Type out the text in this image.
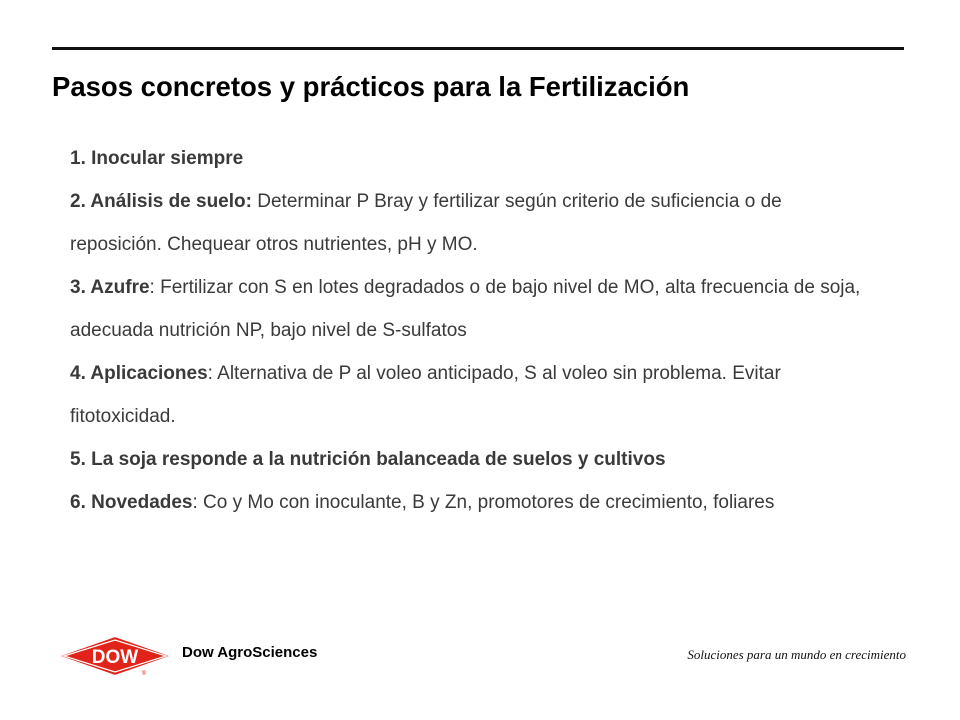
Pasos concretos y prácticos para la Fertilización
1. Inocular siempre
2. Análisis de suelo: Determinar P Bray y fertilizar según criterio de suficiencia o de reposición. Chequear otros nutrientes, pH y MO.
3. Azufre: Fertilizar con S en lotes degradados o de bajo nivel de MO, alta frecuencia de soja, adecuada nutrición NP, bajo nivel de S-sulfatos
4. Aplicaciones: Alternativa de P al voleo anticipado, S al voleo sin problema. Evitar fitotoxicidad.
5. La soja responde a la nutrición balanceada de suelos y cultivos
6. Novedades: Co y Mo con inoculante, B y Zn, promotores de crecimiento, foliares
DOW
®
Dow AgroSciences	Soluciones para un mundo en crecimiento
